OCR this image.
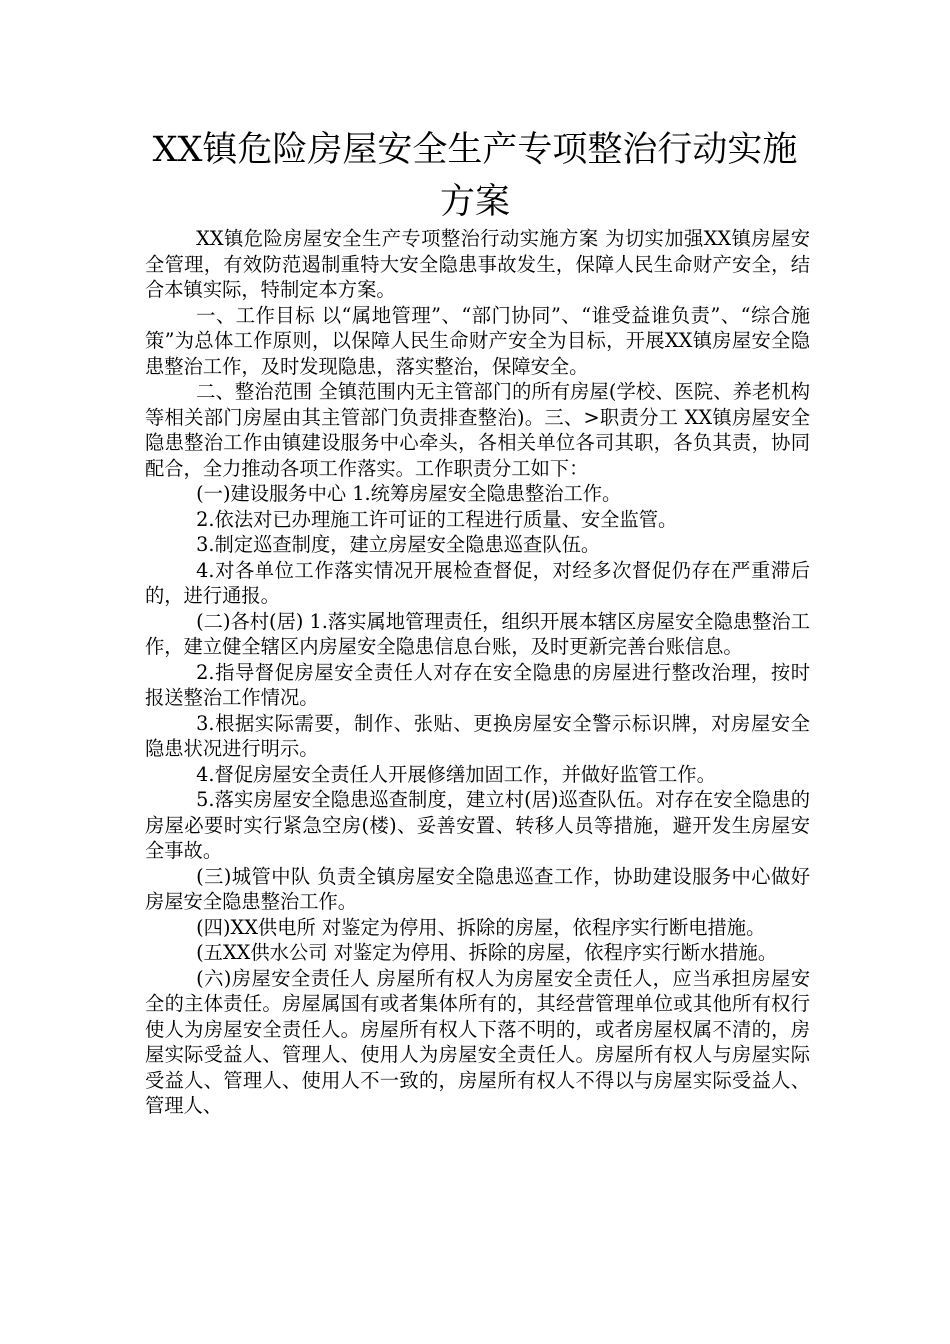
XX镇危险房屋安全生产专项整治行动实施方案

XX镇危险房屋安全生产专项整治行动实施方案 为切实加强XX镇房屋安全管理，有效防范遏制重特大安全隐患事故发生，保障人民生命财产安全，结合本镇实际，特制定本方案。

一、工作目标 以“属地管理”、“部门协同”、“谁受益谁负责”、“综合施策”为总体工作原则，以保障人民生命财产安全为目标，开展XX镇房屋安全隐患整治工作，及时发现隐患，落实整治，保障安全。

二、整治范围 全镇范围内无主管部门的所有房屋(学校、医院、养老机构等相关部门房屋由其主管部门负责排查整治)。三、>职责分工 XX镇房屋安全隐患整治工作由镇建设服务中心牵头，各相关单位各司其职，各负其责，协同配合，全力推动各项工作落实。工作职责分工如下：

(一)建设服务中心 1.统筹房屋安全隐患整治工作。

2.依法对已办理施工许可证的工程进行质量、安全监管。

3.制定巡查制度，建立房屋安全隐患巡查队伍。

4.对各单位工作落实情况开展检查督促，对经多次督促仍存在严重滞后的，进行通报。

(二)各村(居) 1.落实属地管理责任，组织开展本辖区房屋安全隐患整治工作，建立健全辖区内房屋安全隐患信息台账，及时更新完善台账信息。

2.指导督促房屋安全责任人对存在安全隐患的房屋进行整改治理，按时报送整治工作情况。

3.根据实际需要，制作、张贴、更换房屋安全警示标识牌，对房屋安全隐患状况进行明示。

4.督促房屋安全责任人开展修缮加固工作，并做好监管工作。

5.落实房屋安全隐患巡查制度，建立村(居)巡查队伍。对存在安全隐患的房屋必要时实行紧急空房(楼)、妥善安置、转移人员等措施，避开发生房屋安全事故。

(三)城管中队 负责全镇房屋安全隐患巡查工作，协助建设服务中心做好房屋安全隐患整治工作。

(四)XX供电所 对鉴定为停用、拆除的房屋，依程序实行断电措施。

(五XX供水公司 对鉴定为停用、拆除的房屋，依程序实行断水措施。

(六)房屋安全责任人 房屋所有权人为房屋安全责任人，应当承担房屋安全的主体责任。房屋属国有或者集体所有的，其经营管理单位或其他所有权行使人为房屋安全责任人。房屋所有权人下落不明的，或者房屋权属不清的，房屋实际受益人、管理人、使用人为房屋安全责任人。房屋所有权人与房屋实际受益人、管理人、使用人不一致的，房屋所有权人不得以与房屋实际受益人、管理人、
